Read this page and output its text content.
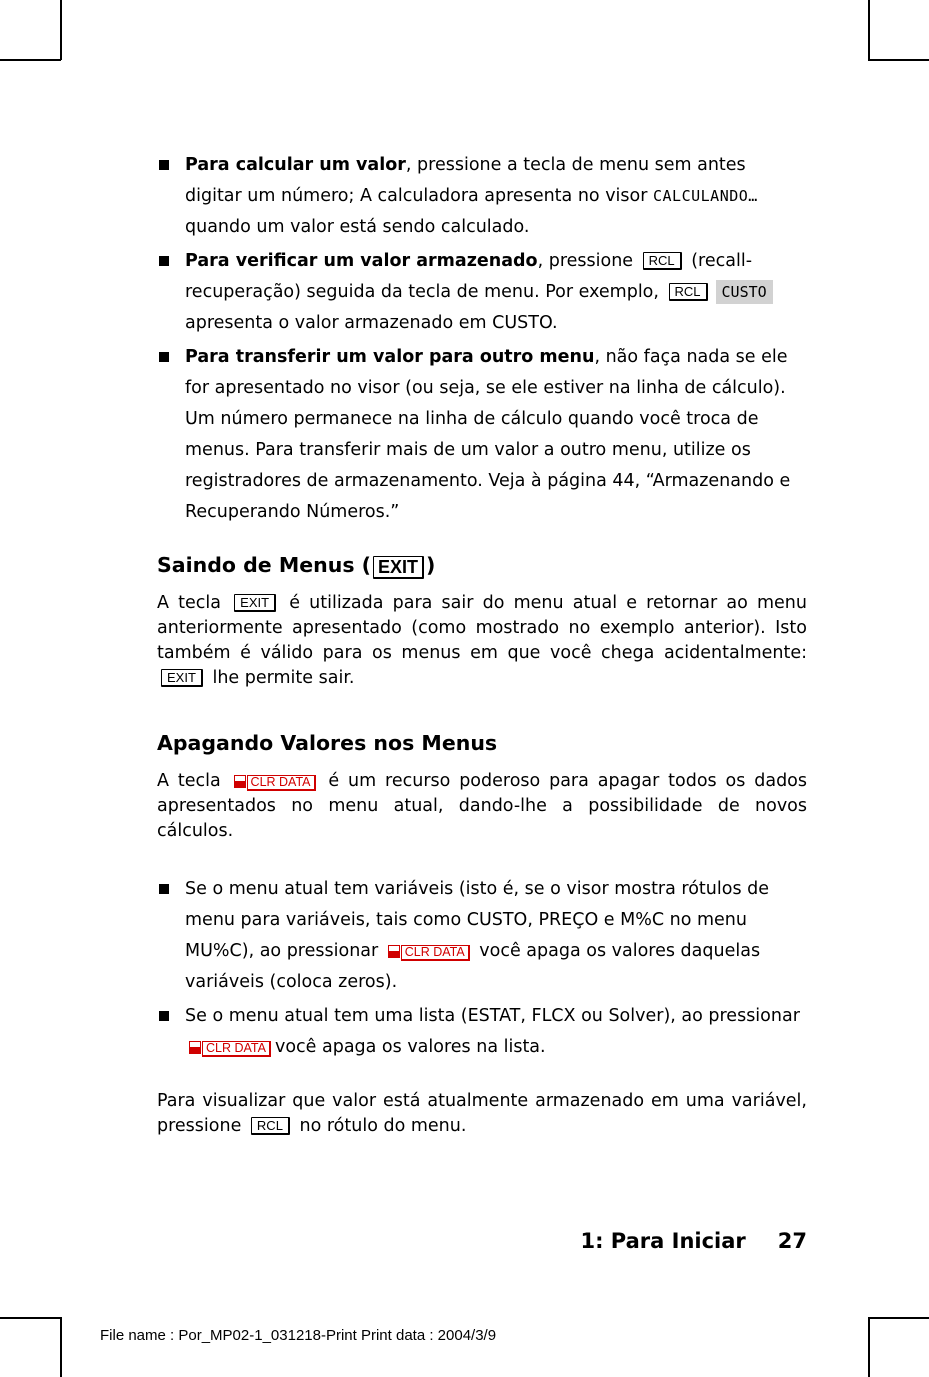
Para calcular um valor, pressione a tecla de menu sem antes digitar um número; A calculadora apresenta no visor CALCULANDO… quando um valor está sendo calculado.
Para verificar um valor armazenado, pressione RCL (recall-recuperação) seguida da tecla de menu. Por exemplo, RCL CUSTO apresenta o valor armazenado em CUSTO.
Para transferir um valor para outro menu, não faça nada se ele for apresentado no visor (ou seja, se ele estiver na linha de cálculo). Um número permanece na linha de cálculo quando você troca de menus. Para transferir mais de um valor a outro menu, utilize os registradores de armazenamento. Veja à página 44, “Armazenando e Recuperando Números.”
Saindo de Menus ( EXIT )

A tecla EXIT é utilizada para sair do menu atual e retornar ao menu anteriormente apresentado (como mostrado no exemplo anterior). Isto também é válido para os menus em que você chega acidentalmente: EXIT lhe permite sair.

Apagando Valores nos Menus

A tecla CLR DATA é um recurso poderoso para apagar todos os dados apresentados no menu atual, dando-lhe a possibilidade de novos cálculos.

Se o menu atual tem variáveis (isto é, se o visor mostra rótulos de menu para variáveis, tais como CUSTO, PREÇO e M%C no menu MU%C), ao pressionar CLR DATA você apaga os valores daquelas variáveis (coloca zeros).
Se o menu atual tem uma lista (ESTAT, FLCX ou Solver), ao pressionar CLR DATA você apaga os valores na lista.

Para visualizar que valor está atualmente armazenado em uma variável, pressione RCL no rótulo do menu.

1: Para Iniciar 27
File name : Por_MP02-1_031218-Print Print data : 2004/3/9
